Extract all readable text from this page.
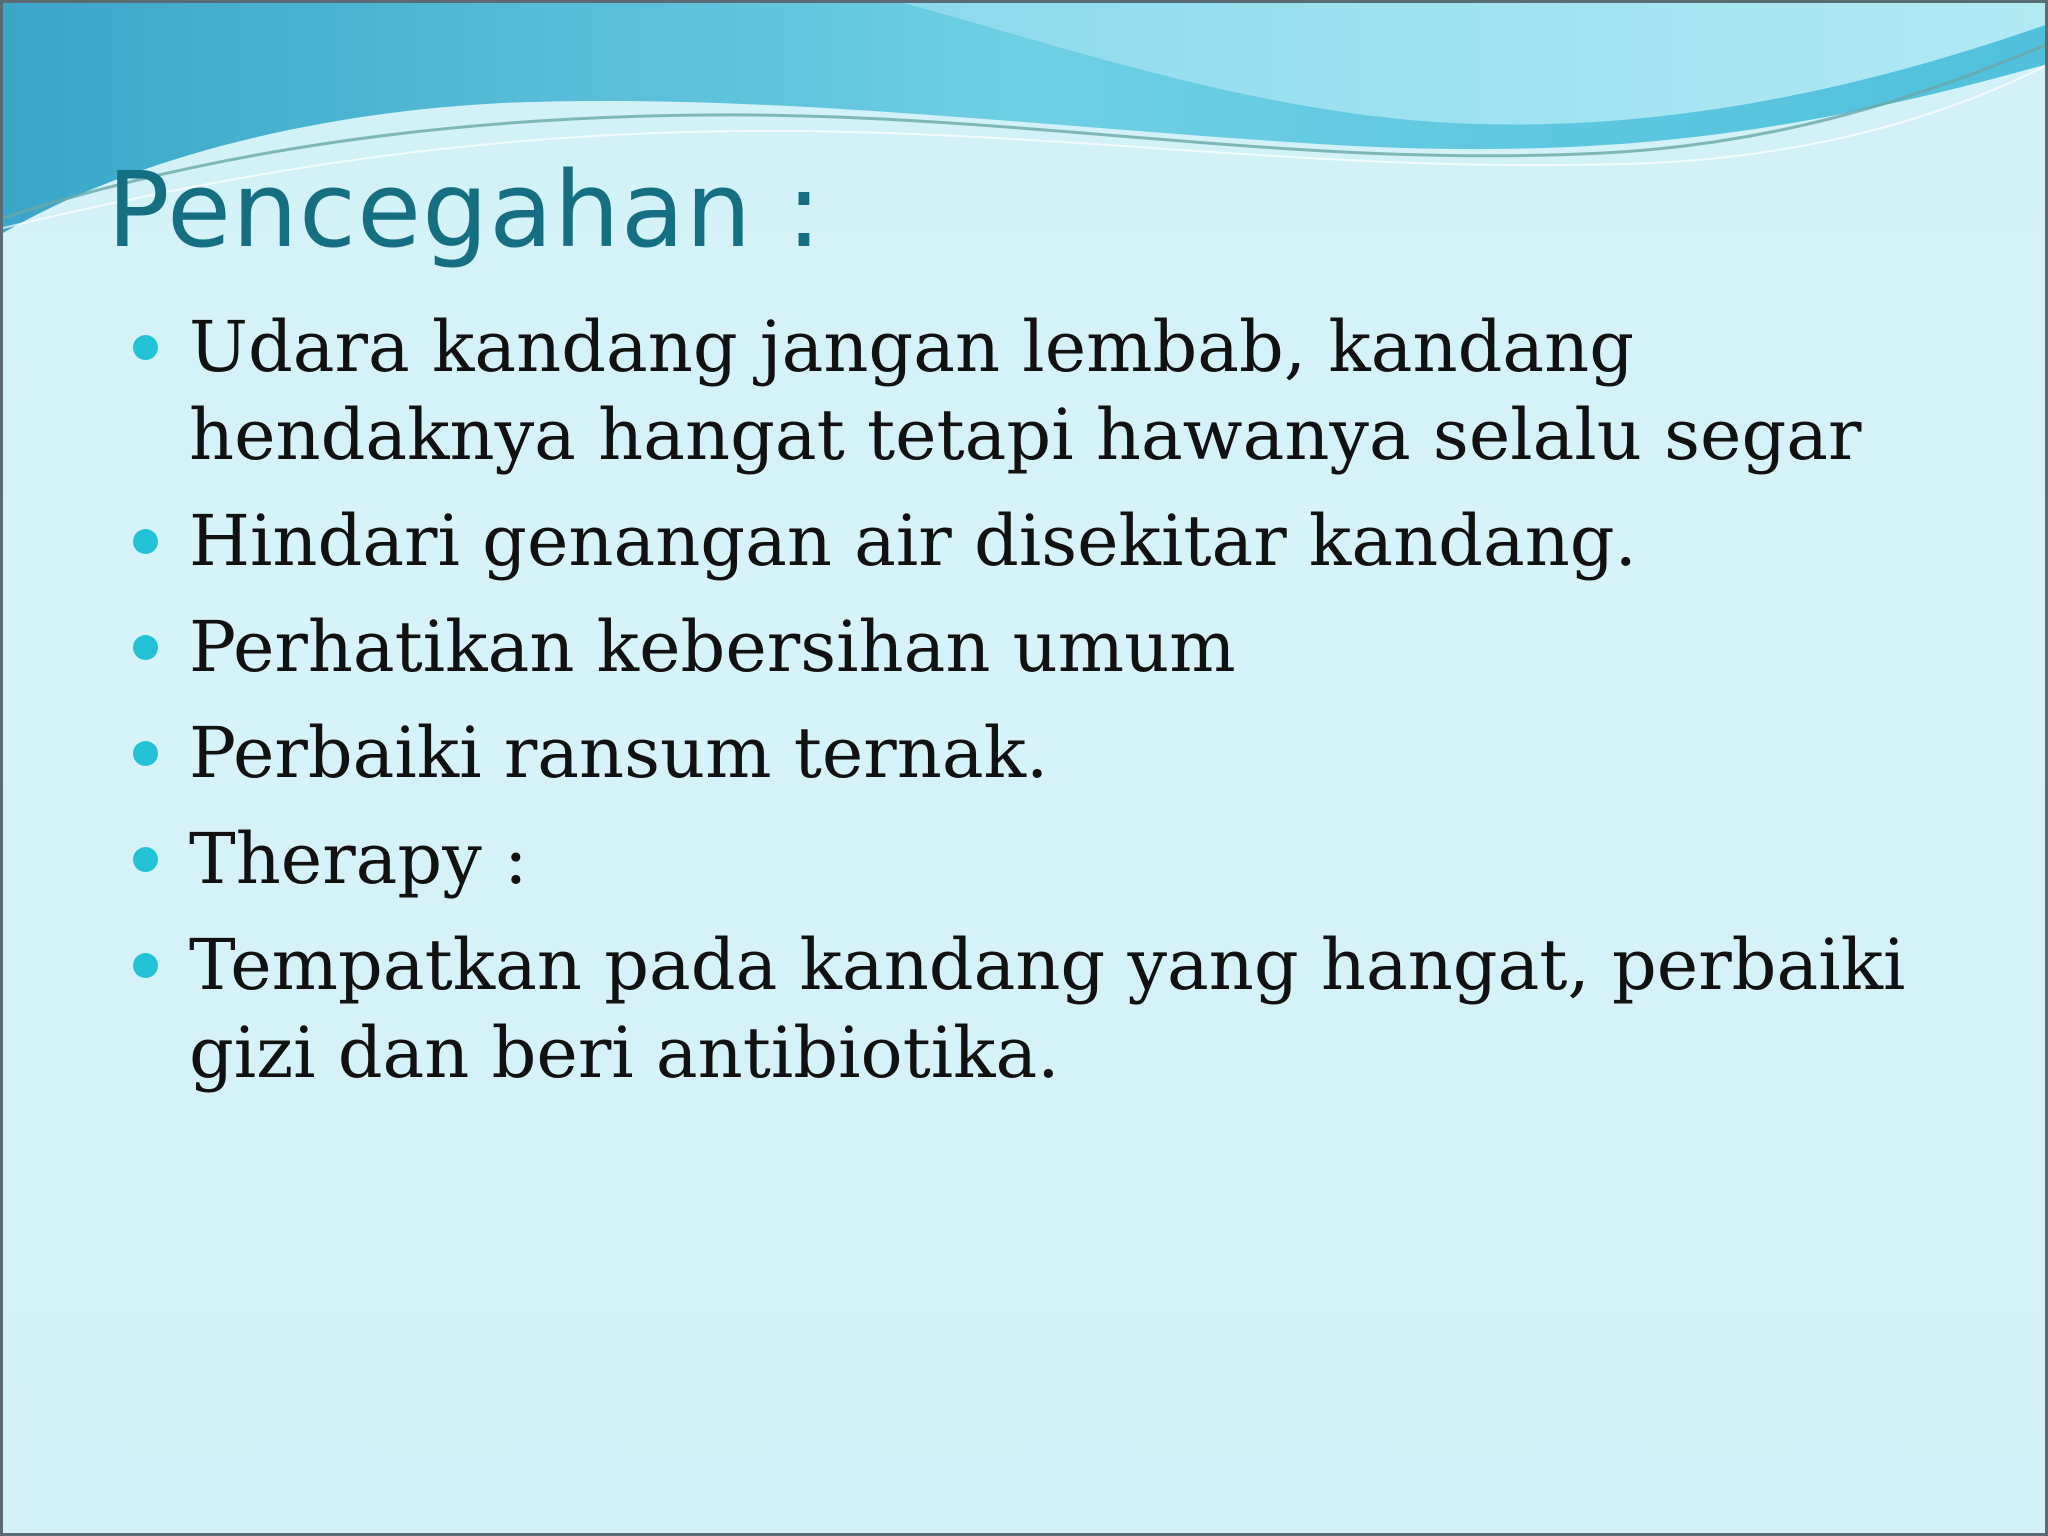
Pencegahan :
Udara kandang jangan lembab, kandang hendaknya hangat tetapi hawanya selalu segar
Hindari genangan air disekitar kandang.
Perhatikan kebersihan umum
Perbaiki ransum ternak.
Therapy :
Tempatkan pada kandang yang hangat, perbaiki gizi dan beri antibiotika.
